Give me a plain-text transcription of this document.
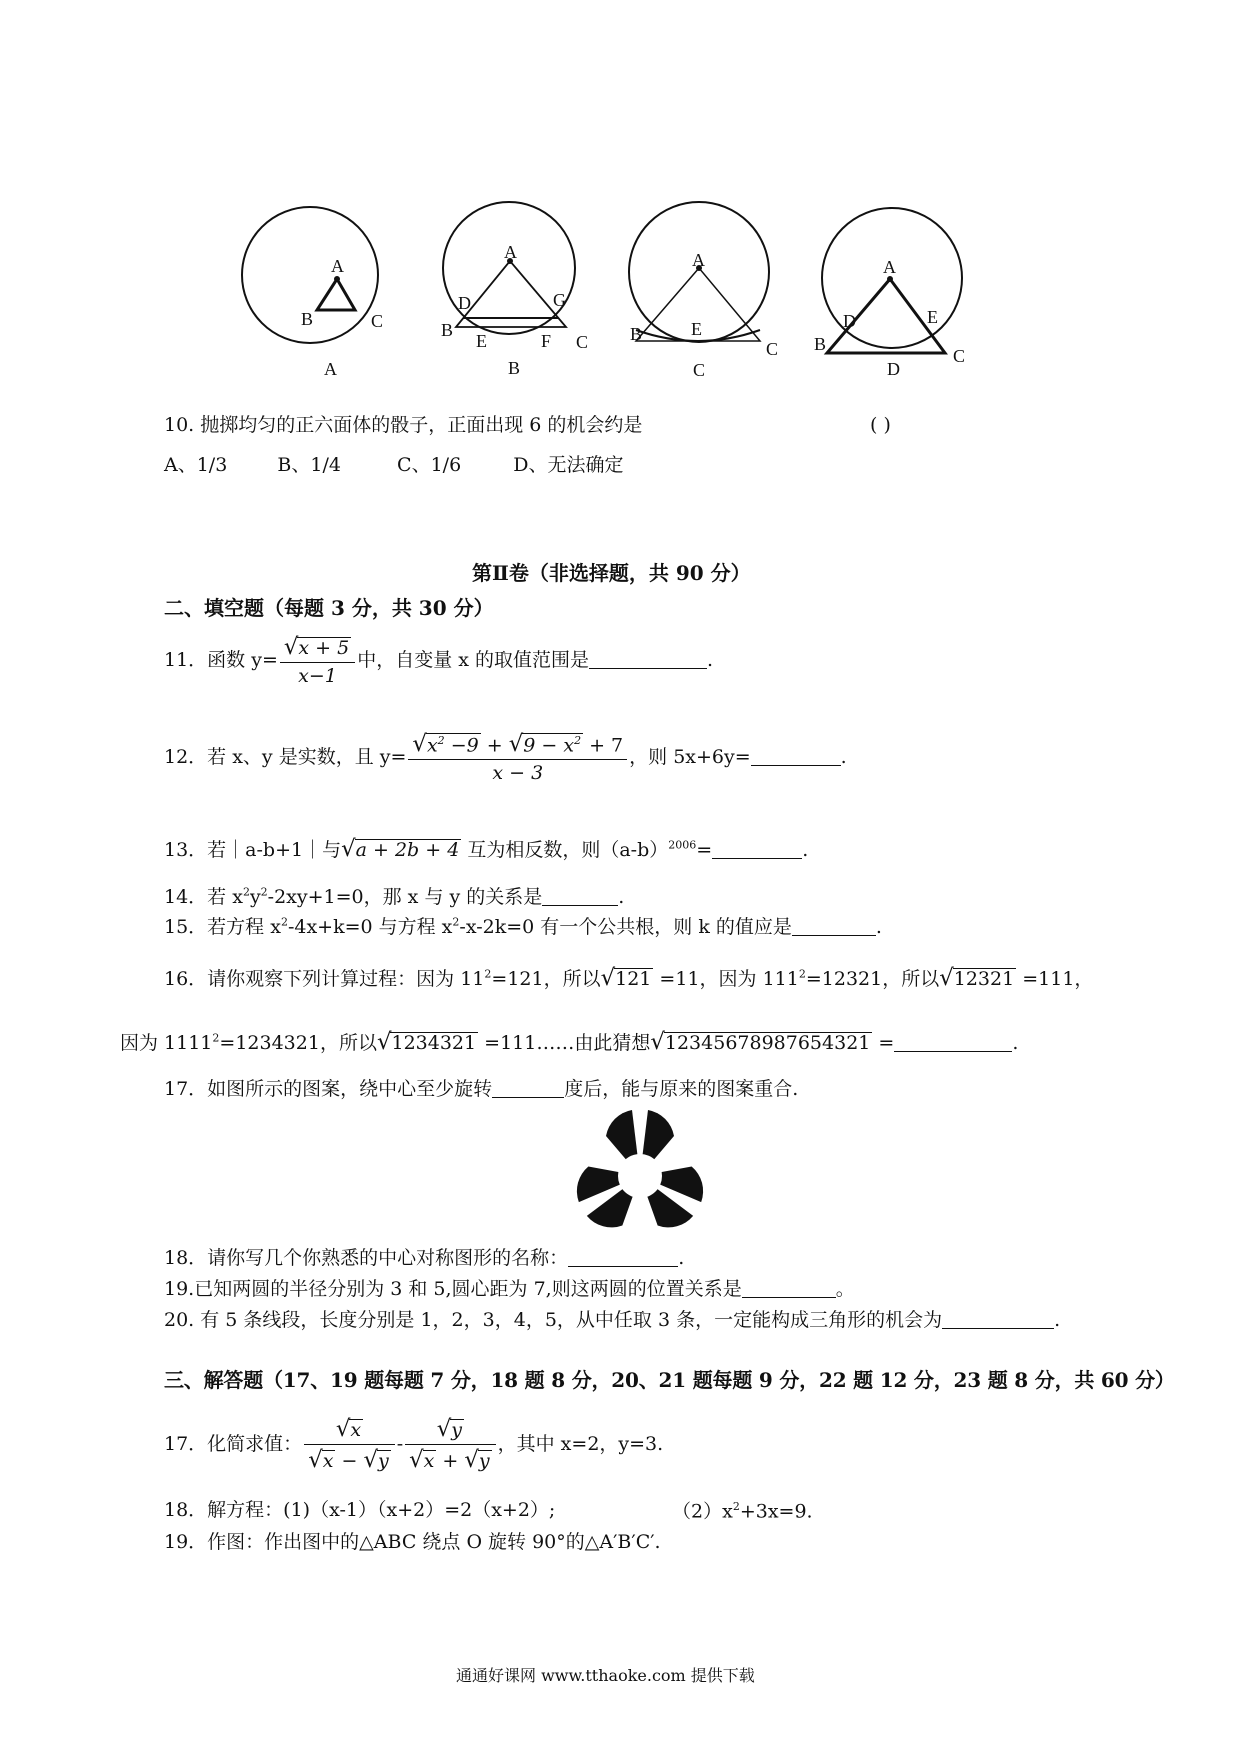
A
B	C
A
A
B
C
D
E	F
G
B
A
B
C
E
C
A
B
C
D	E
D
10. 抛掷均匀的正六面体的骰子，正面出现 6 的机会约是	( )
A、1/3	B、1/4	C、1/6	D、无法确定
第Ⅱ卷（非选择题，共 90 分）
二、填空题（每题 3 分，共 30 分）
11．函数 $y= \frac{√x + 5}{x-1}$ 中，自变量 x 的取值范围是	.
12．若 x、y 是实数，且 $y= \frac{√x^2 -9 + √9 - x^2 + 7}{x - 3}$ ，则 5x+6y=	.
13．若｜a-b+1｜与√a + 2b + 4 互为相反数，则$(a-b)^{2006}=$	.
14．若 $x^2y^2-2xy+1=0$，那 x 与 y 的关系是	.
15．若方程 $x^2-4x+k=0$ 与方程 $x^2-x-2k=0$ 有一个公共根，则 k 的值应是	.
16．请你观察下列计算过程：因为 $11^2=121$，所以√121 =11，因为 $111^2=12321$，所以√12321 =111，
因为 $1111^2=1234321$，所以√1234321 =111……由此猜想√12345678987654321 =	.
17．如图所示的图案，绕中心至少旋转	度后，能与原来的图案重合.
18．请你写几个你熟悉的中心对称图形的名称：	.
19.已知两圆的半径分别为 3 和 5,圆心距为 7,则这两圆的位置关系是	。
20. 有 5 条线段，长度分别是 1，2，3，4，5，从中任取 3 条，一定能构成三角形的机会为	.
三、解答题（17、19 题每题 7 分，18 题 8 分，20、21 题每题 9 分，22 题 12 分，23 题 8 分，共 60 分）
17．化简求值： $\frac{√x}{√x - √y} - \frac{√y}{√x + √y}$ ，其中 x=2，y=3.
18．解方程：(1)（x-1）（x+2）=2（x+2）;	$(2)x^2+3x=9$.
19．作图：作出图中的△ABC 绕点 O 旋转 90°的△A′B′C′.
通通好课网 www.tthaoke.com 提供下载
